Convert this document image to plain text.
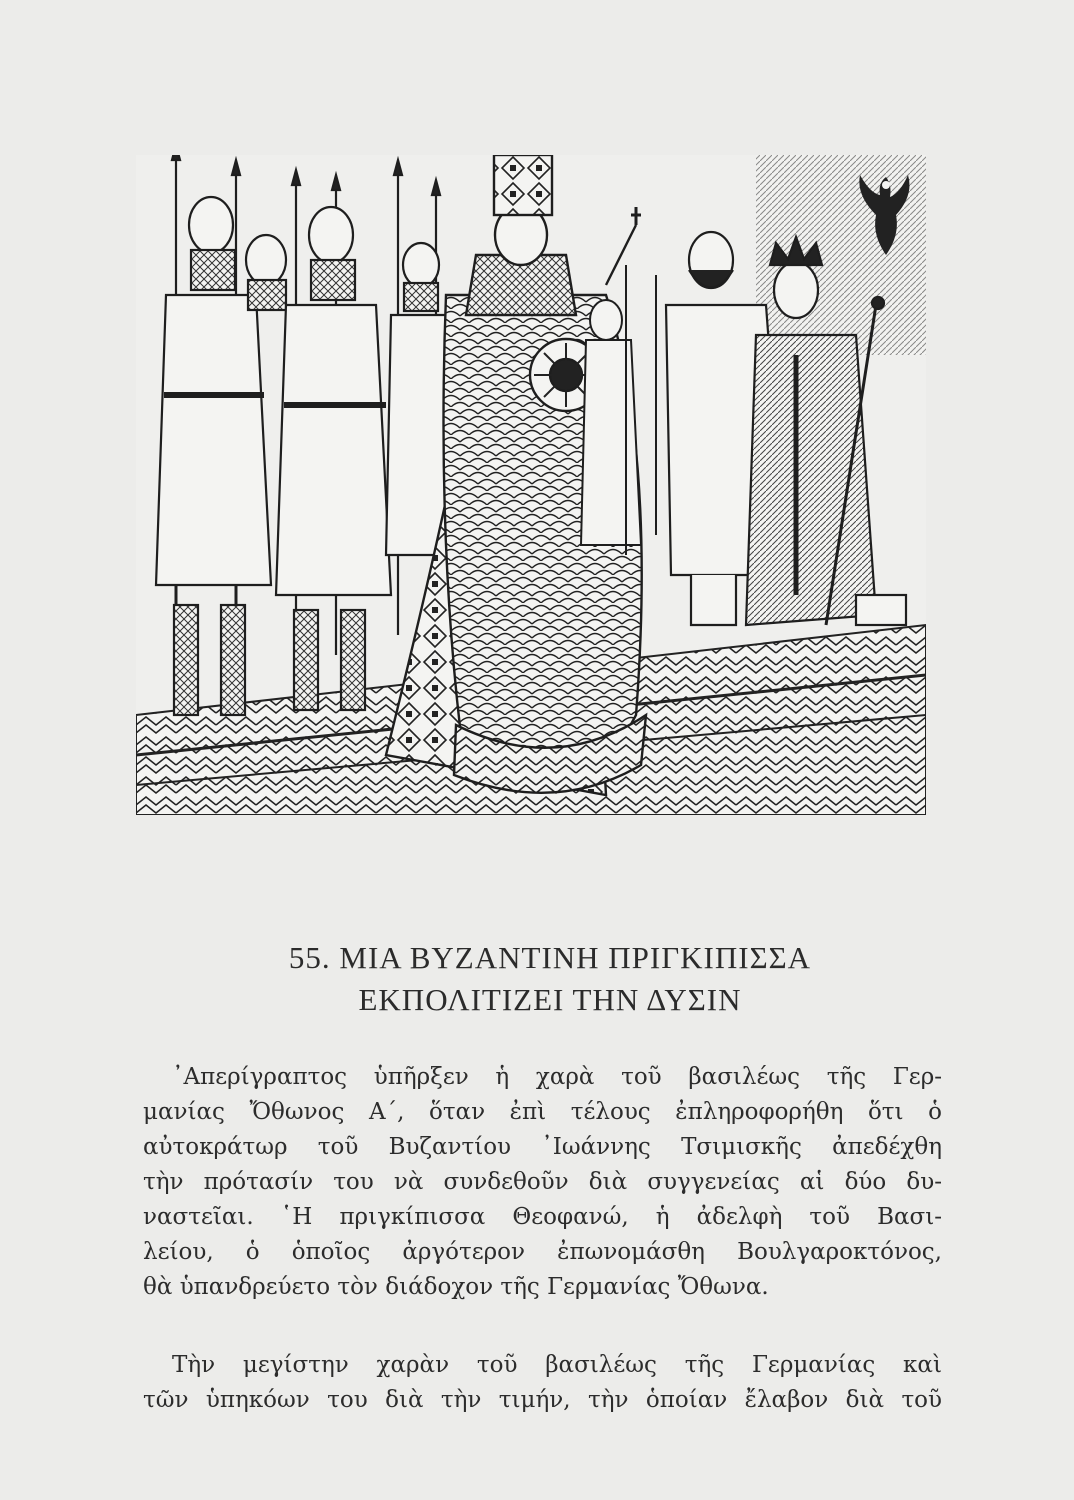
55. ΜΙΑ ΒΥΖΑΝΤΙΝΗ ΠΡΙΓΚΙΠΙΣΣΑ
ΕΚΠΟΛΙΤΙΖΕΙ ΤΗΝ ΔΥΣΙΝ
᾿Απερίγραπτος ὑπῆρξεν ἡ χαρὰ τοῦ βασιλέως τῆς Γερ-
μανίας Ὄθωνος Α΄, ὅταν ἐπὶ τέλους ἐπληροφορήθη ὅτι ὁ
αὐτοκράτωρ τοῦ Βυζαντίου ᾿Ιωάννης Τσιμισκῆς ἀπεδέχθη
τὴν πρότασίν του νὰ συνδεθοῦν διὰ συγγενείας αἱ δύο δυ-
ναστεῖαι. ῾Η πριγκίπισσα Θεοφανώ, ἡ ἀδελφὴ τοῦ Βασι-
λείου, ὁ ὁποῖος ἀργότερον ἐπωνομάσθη Βουλγαροκτόνος,
θὰ ὑπανδρεύετο τὸν διάδοχον τῆς Γερμανίας Ὄθωνα.
Τὴν μεγίστην χαρὰν τοῦ βασιλέως τῆς Γερμανίας καὶ
τῶν ὑπηκόων του διὰ τὴν τιμήν, τὴν ὁποίαν ἔλαβον διὰ τοῦ
